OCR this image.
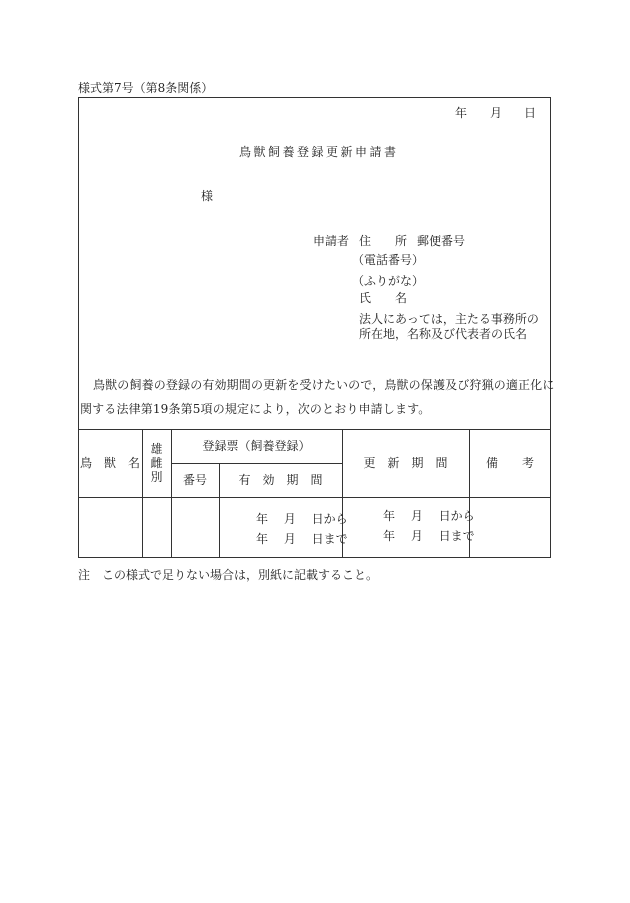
様式第7号（第8条関係）
年 月 日
鳥獣飼養登録更新申請書
様
申請者 住　　所 郵便番号
（電話番号）
（ふりがな）
氏　　名
法人にあっては，主たる事務所の
所在地，名称及び代表者の氏名
鳥獣の飼養の登録の有効期間の更新を受けたいので，鳥獣の保護及び狩猟の適正化に
関する法律第19条第5項の規定により，次のとおり申請します。
鳥　獣　名
雄
雌
別
登録票（飼養登録）
番号	有　効　期　間
更　新　期　間	備　　考
年　 月　 日から
年　 月　 日まで
年　 月　 日から
年　 月　 日まで
注　この様式で足りない場合は，別紙に記載すること。
